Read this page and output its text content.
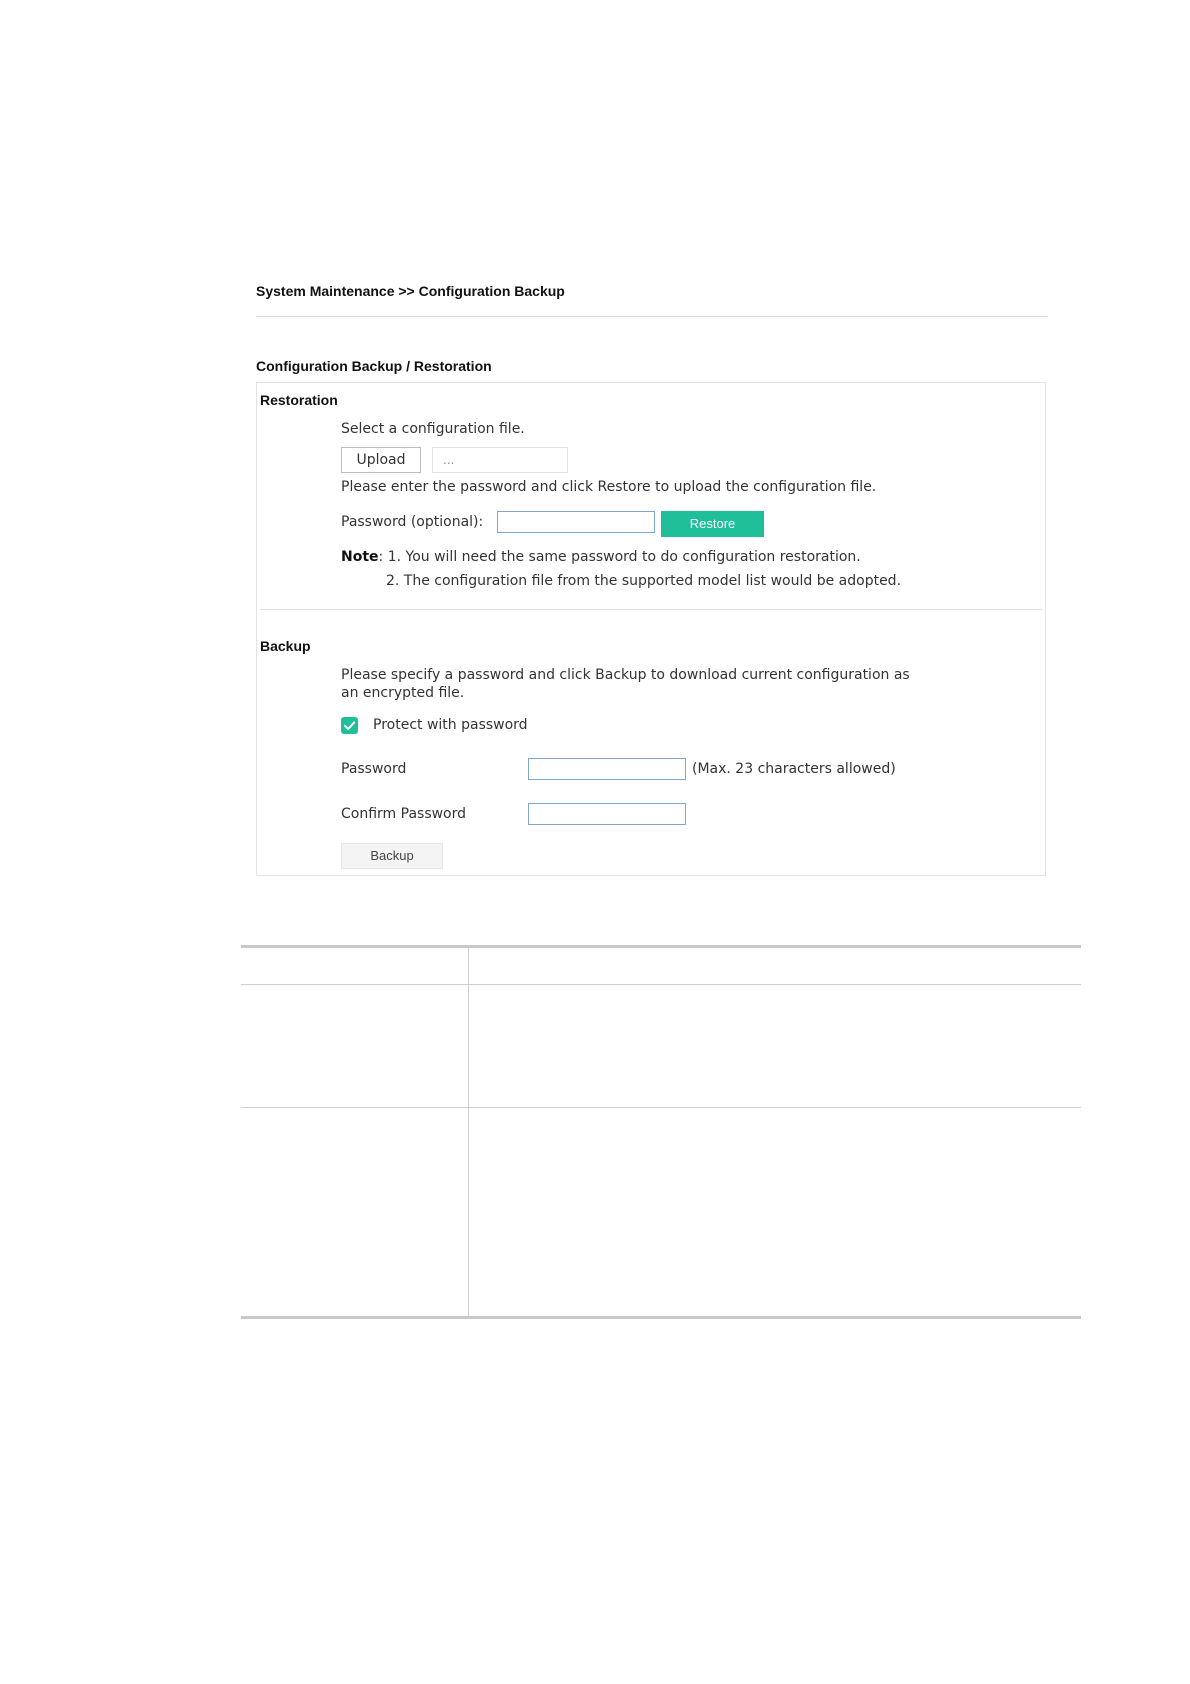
System Maintenance >> Configuration Backup
Configuration Backup / Restoration
Restoration
Select a configuration file.
Upload	...
Please enter the password and click Restore to upload the configuration file.
Password (optional):	Restore
Note: 1. You will need the same password to do configuration restoration.
2. The configuration file from the supported model list would be adopted.
Backup
Please specify a password and click Backup to download current configuration as
an encrypted file.
Protect with password
Password	(Max. 23 characters allowed)
Confirm Password
Backup
